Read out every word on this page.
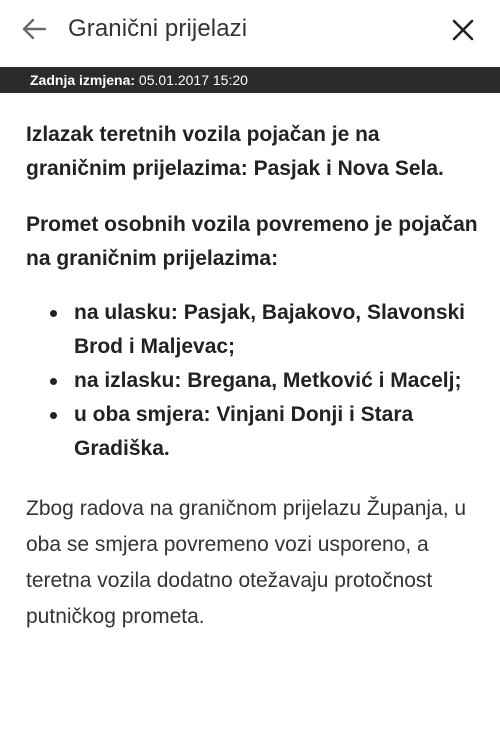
Granični prijelazi
Zadnja izmjena: 05.01.2017 15:20

Izlazak teretnih vozila pojačan je na graničnim prijelazima: Pasjak i Nova Sela.

Promet osobnih vozila povremeno je pojačan na graničnim prijelazima:

na ulasku: Pasjak, Bajakovo, Slavonski Brod i Maljevac;
na izlasku: Bregana, Metković i Macelj;
u oba smjera: Vinjani Donji i Stara Gradiška.

Zbog radova na graničnom prijelazu Županja, u oba se smjera povremeno vozi usporeno, a teretna vozila dodatno otežavaju protočnost putničkog prometa.
